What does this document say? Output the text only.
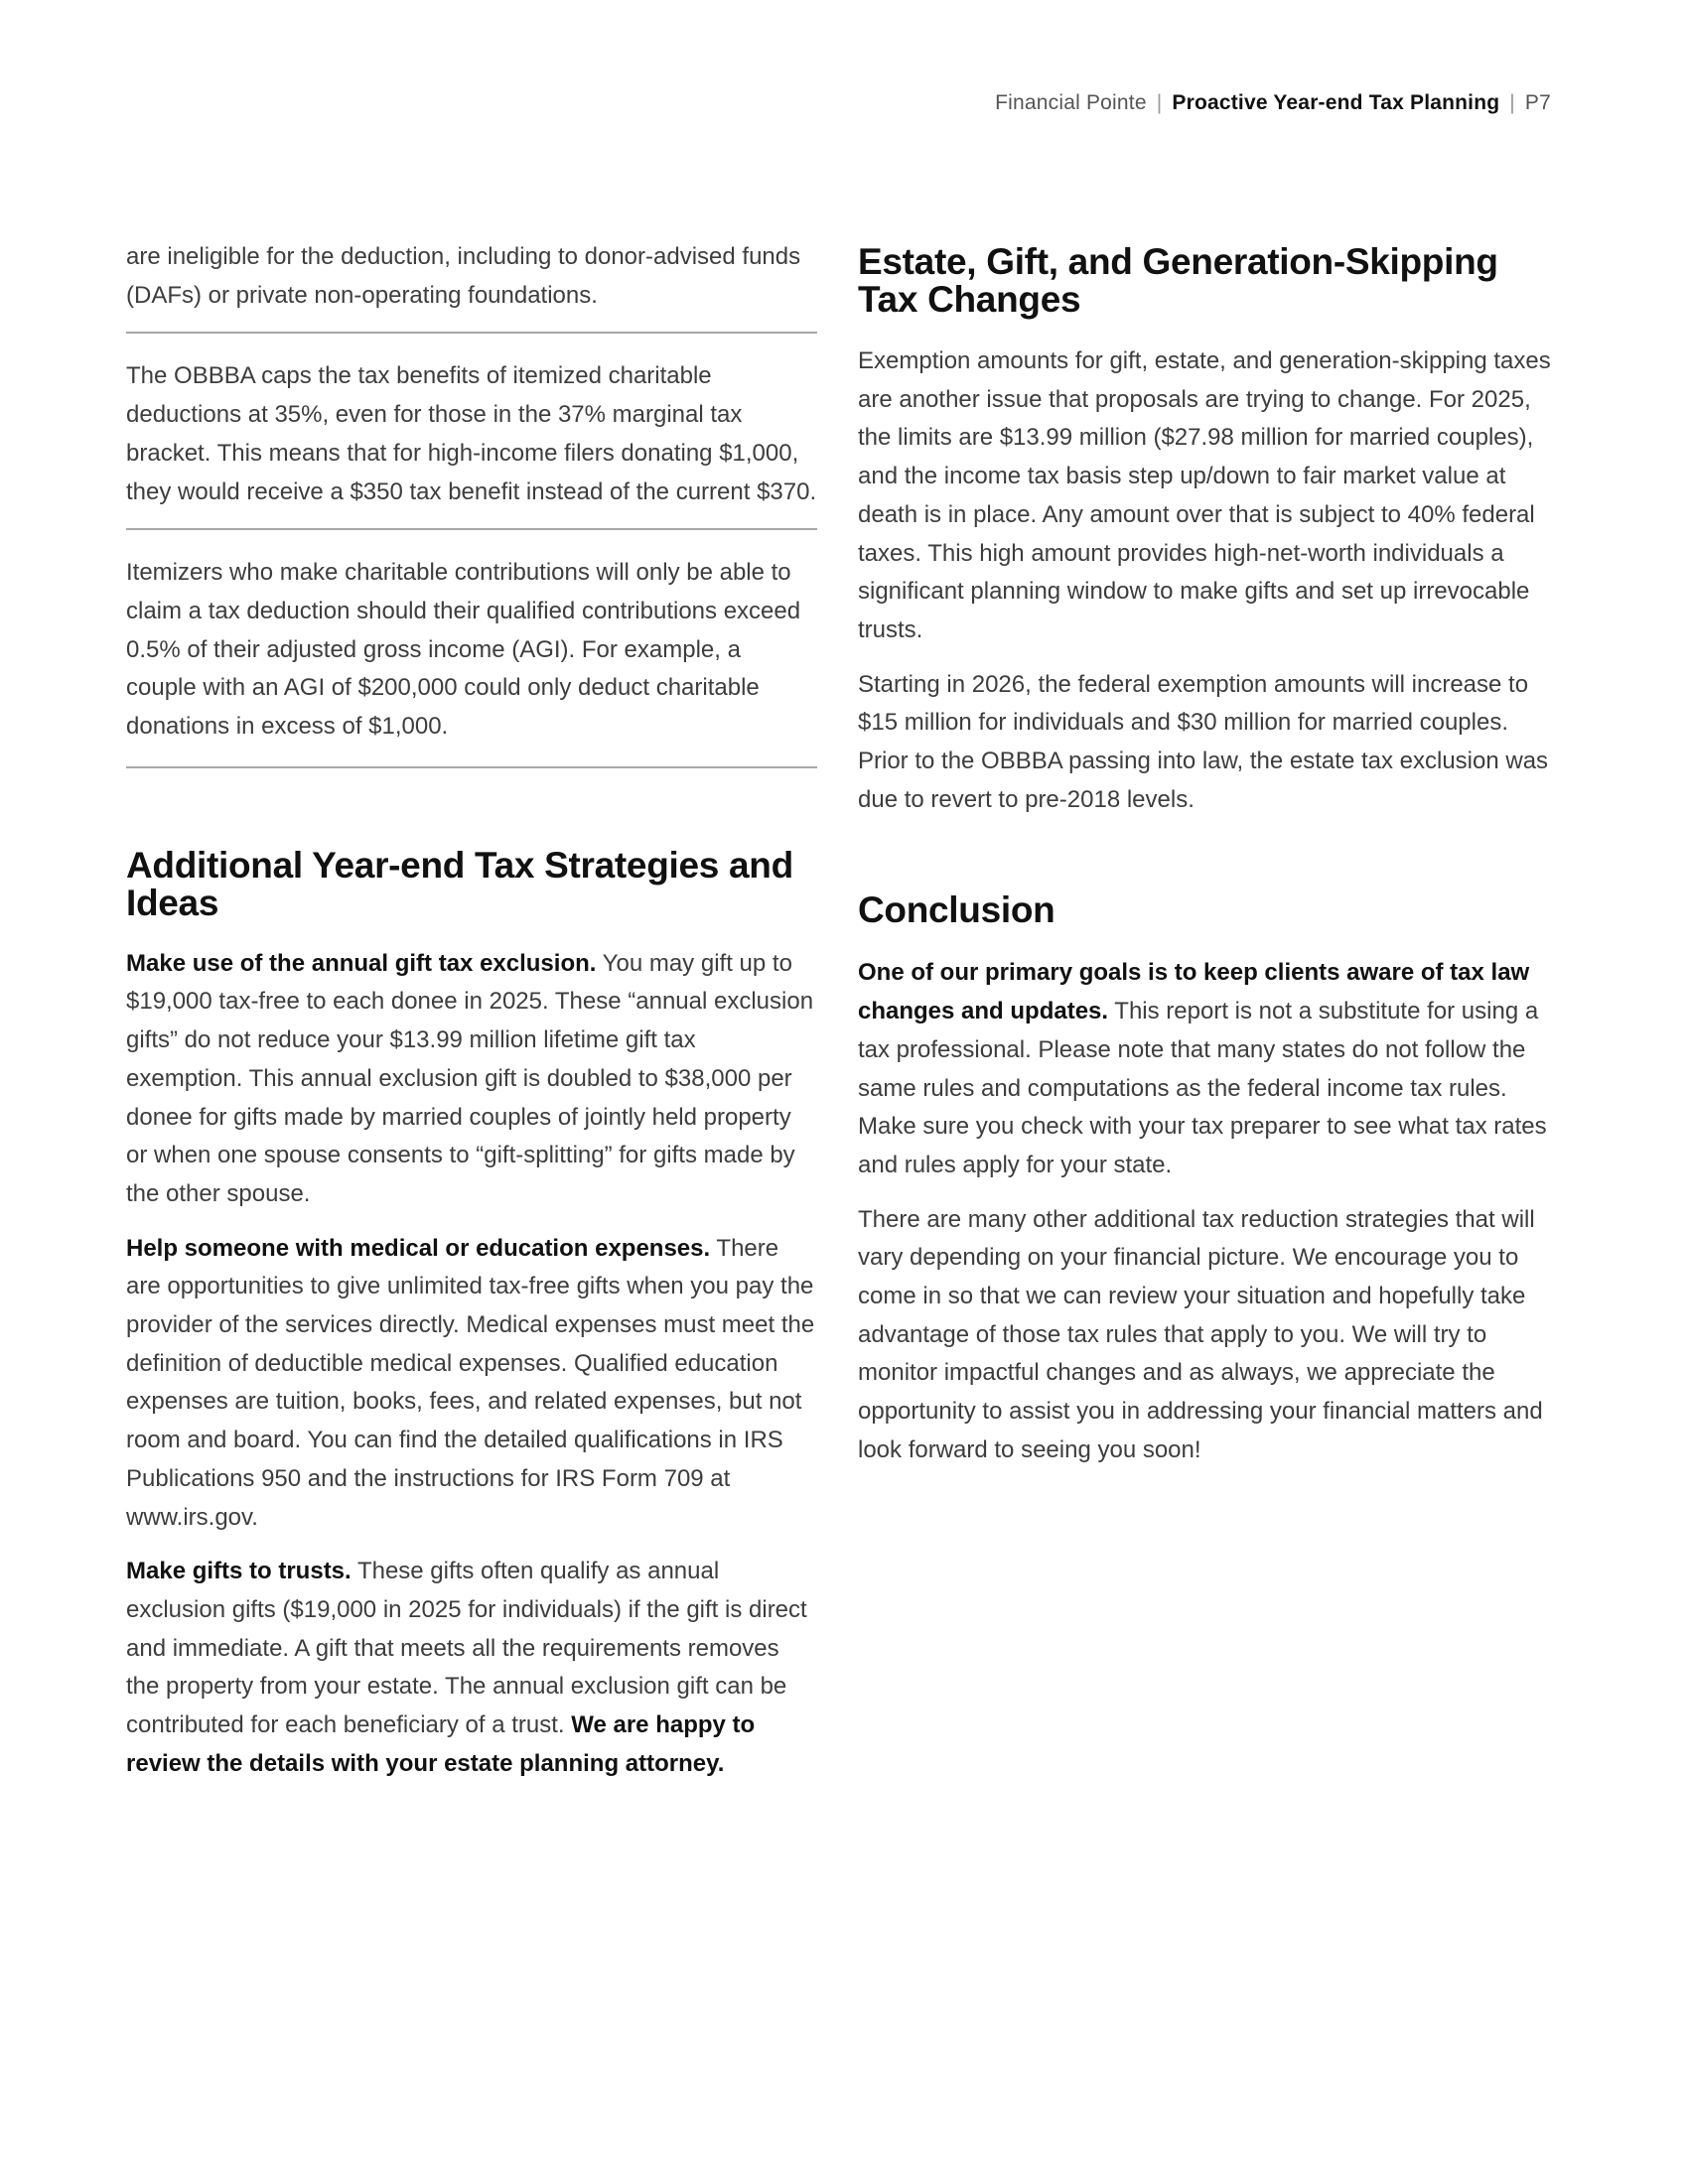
Financial Pointe | Proactive Year-end Tax Planning | P7
are ineligible for the deduction, including to donor-advised funds (DAFs) or private non-operating foundations.
The OBBBA caps the tax benefits of itemized charitable deductions at 35%, even for those in the 37% marginal tax bracket. This means that for high-income filers donating $1,000, they would receive a $350 tax benefit instead of the current $370.
Itemizers who make charitable contributions will only be able to claim a tax deduction should their qualified contributions exceed 0.5% of their adjusted gross income (AGI). For example, a couple with an AGI of $200,000 could only deduct charitable donations in excess of $1,000.
Additional Year-end Tax Strategies and Ideas

Make use of the annual gift tax exclusion. You may gift up to $19,000 tax-free to each donee in 2025. These “annual exclusion gifts” do not reduce your $13.99 million lifetime gift tax exemption. This annual exclusion gift is doubled to $38,000 per donee for gifts made by married couples of jointly held property or when one spouse consents to “gift-splitting” for gifts made by the other spouse.

Help someone with medical or education expenses. There are opportunities to give unlimited tax-free gifts when you pay the provider of the services directly. Medical expenses must meet the definition of deductible medical expenses. Qualified education expenses are tuition, books, fees, and related expenses, but not room and board. You can find the detailed qualifications in IRS Publications 950 and the instructions for IRS Form 709 at www.irs.gov.

Make gifts to trusts. These gifts often qualify as annual exclusion gifts ($19,000 in 2025 for individuals) if the gift is direct and immediate. A gift that meets all the requirements removes the property from your estate. The annual exclusion gift can be contributed for each beneficiary of a trust. We are happy to review the details with your estate planning attorney.

Estate, Gift, and Generation-Skipping Tax Changes

Exemption amounts for gift, estate, and generation-skipping taxes are another issue that proposals are trying to change. For 2025, the limits are $13.99 million ($27.98 million for married couples), and the income tax basis step up/down to fair market value at death is in place. Any amount over that is subject to 40% federal taxes. This high amount provides high-net-worth individuals a significant planning window to make gifts and set up irrevocable trusts.

Starting in 2026, the federal exemption amounts will increase to $15 million for individuals and $30 million for married couples. Prior to the OBBBA passing into law, the estate tax exclusion was due to revert to pre-2018 levels.

Conclusion

One of our primary goals is to keep clients aware of tax law changes and updates. This report is not a substitute for using a tax professional. Please note that many states do not follow the same rules and computations as the federal income tax rules. Make sure you check with your tax preparer to see what tax rates and rules apply for your state.

There are many other additional tax reduction strategies that will vary depending on your financial picture. We encourage you to come in so that we can review your situation and hopefully take advantage of those tax rules that apply to you. We will try to monitor impactful changes and as always, we appreciate the opportunity to assist you in addressing your financial matters and look forward to seeing you soon!
